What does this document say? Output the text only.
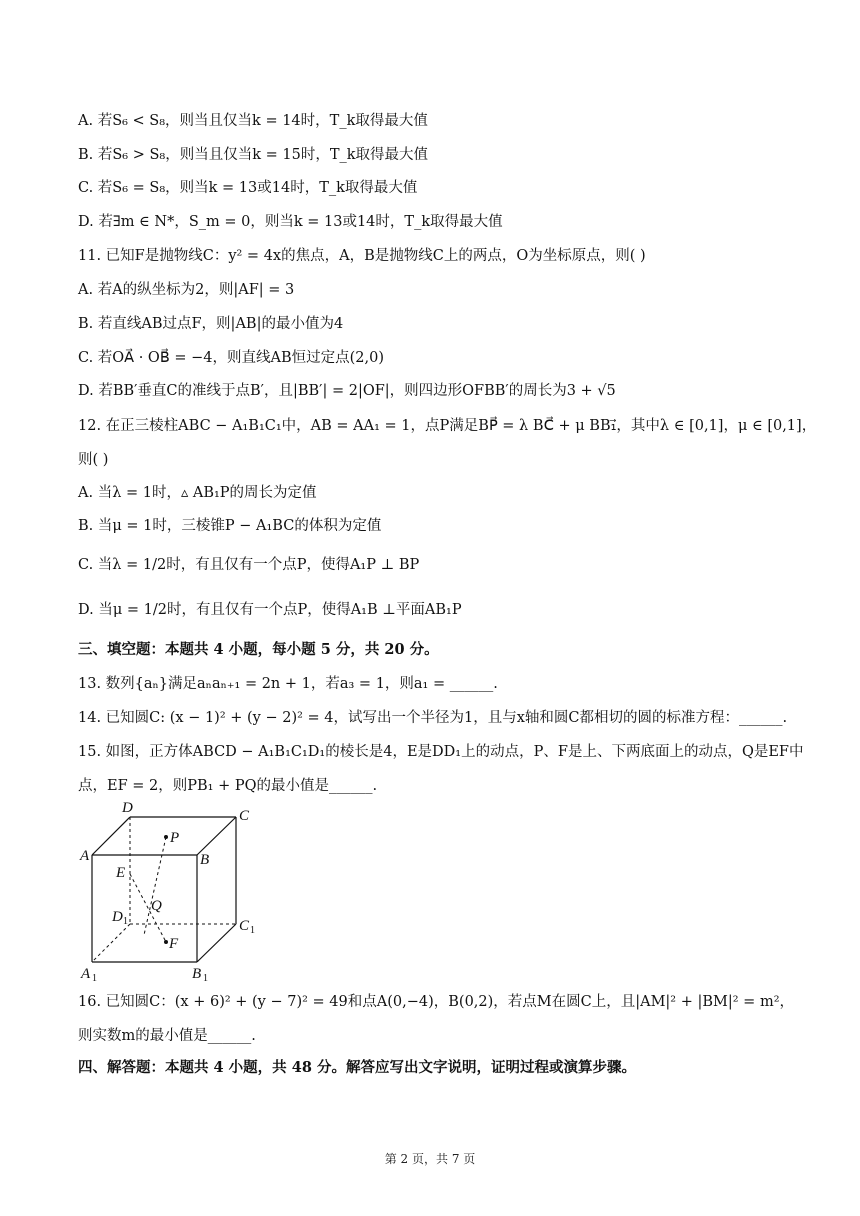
A. 若S₆ < S₈，则当且仅当k = 14时，T_k取得最大值
B. 若S₆ > S₈，则当且仅当k = 15时，T_k取得最大值
C. 若S₆ = S₈，则当k = 13或14时，T_k取得最大值
D. 若∃m ∈ N*，S_m = 0，则当k = 13或14时，T_k取得最大值
11. 已知F是抛物线C：y² = 4x的焦点，A，B是抛物线C上的两点，O为坐标原点，则( )
A. 若A的纵坐标为2，则|AF| = 3
B. 若直线AB过点F，则|AB|的最小值为4
C. 若OA⃗ · OB⃗ = −4，则直线AB恒过定点(2,0)
D. 若BB′垂直C的准线于点B′，且|BB′| = 2|OF|，则四边形OFBB′的周长为3 + √5
12. 在正三棱柱ABC − A₁B₁C₁中，AB = AA₁ = 1，点P满足BP⃗ = λ BC⃗ + μ BB₁⃗，其中λ ∈ [0,1]，μ ∈ [0,1]，
则( )
A. 当λ = 1时，▵ AB₁P的周长为定值
B. 当μ = 1时，三棱锥P − A₁BC的体积为定值
C. 当λ = 1/2时，有且仅有一个点P，使得A₁P ⊥ BP
D. 当μ = 1/2时，有且仅有一个点P，使得A₁B ⊥平面AB₁P
三、填空题：本题共 4 小题，每小题 5 分，共 20 分。
13. 数列{aₙ}满足aₙaₙ₊₁ = 2n + 1，若a₃ = 1，则a₁ = ______.
14. 已知圆C: (x − 1)² + (y − 2)² = 4，试写出一个半径为1，且与x轴和圆C都相切的圆的标准方程：______.
15. 如图，正方体ABCD − A₁B₁C₁D₁的棱长是4，E是DD₁上的动点，P、F是上、下两底面上的动点，Q是EF中
点，EF = 2，则PB₁ + PQ的最小值是______.
D	C
A	B
P
E
Q
D 1	C 1
F
A 1	B 1
16. 已知圆C：(x + 6)² + (y − 7)² = 49和点A(0,−4)，B(0,2)，若点M在圆C上，且|AM|² + |BM|² = m²，
则实数m的最小值是______.
四、解答题：本题共 4 小题，共 48 分。解答应写出文字说明，证明过程或演算步骤。
第 2 页，共 7 页
